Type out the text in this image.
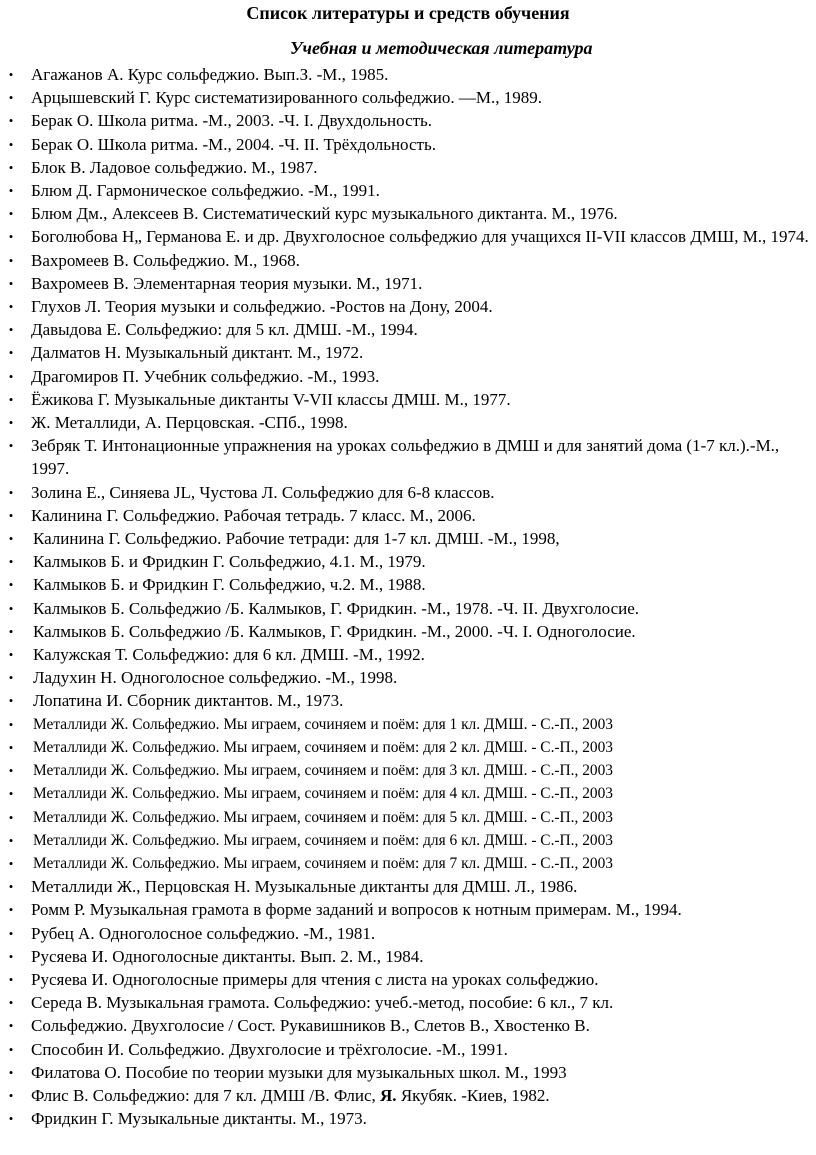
Список литературы и средств обучения
Учебная и методическая литература
• Агажанов А. Курс сольфеджио. Вып.З. -М., 1985.
• Арцышевский Г. Курс систематизированного сольфеджио. —М., 1989.
• Берак О. Школа ритма. -М., 2003. -Ч. I. Двухдольность.
• Берак О. Школа ритма. -М., 2004. -Ч. II. Трёхдольность.
• Блок В. Ладовое сольфеджио. М., 1987.
• Блюм Д. Гармоническое сольфеджио. -М., 1991.
• Блюм Дм., Алексеев В. Систематический курс музыкального диктанта. М., 1976.
• Боголюбова Н„ Германова Е. и др. Двухголосное сольфеджио для учащихся II-VII классов ДМШ, М., 1974.
• Вахромеев В. Сольфеджио. М., 1968.
• Вахромеев В. Элементарная теория музыки. М., 1971.
• Глухов Л. Теория музыки и сольфеджио. -Ростов на Дону, 2004.
• Давыдова Е. Сольфеджио: для 5 кл. ДМШ. -М., 1994.
• Далматов Н. Музыкальный диктант. М., 1972.
• Драгомиров П. Учебник сольфеджио. -М., 1993.
• Ёжикова Г. Музыкальные диктанты V-VII классы ДМШ. М., 1977.
• Ж. Металлиди, А. Перцовская. -СПб., 1998.
• Зебряк Т. Интонационные упражнения на уроках сольфеджио в ДМШ и для занятий дома (1-7 кл.).-М., 1997.
• Золина Е., Синяева JL, Чустова Л. Сольфеджио для 6-8 классов.
• Калинина Г. Сольфеджио. Рабочая тетрадь. 7 класс. М., 2006.
• Калинина Г. Сольфеджио. Рабочие тетради: для 1-7 кл. ДМШ. -М., 1998,
• Калмыков Б. и Фридкин Г. Сольфеджио, 4.1. М., 1979.
• Калмыков Б. и Фридкин Г. Сольфеджио, ч.2. М., 1988.
• Калмыков Б. Сольфеджио /Б. Калмыков, Г. Фридкин. -М., 1978. -Ч. II. Двухголосие.
• Калмыков Б. Сольфеджио /Б. Калмыков, Г. Фридкин. -М., 2000. -Ч. I. Одноголосие.
• Калужская Т. Сольфеджио: для 6 кл. ДМШ. -М., 1992.
• Ладухин Н. Одноголосное сольфеджио. -М., 1998.
• Лопатина И. Сборник диктантов. М., 1973.
• Металлиди Ж. Сольфеджио. Мы играем, сочиняем и поём: для 1 кл. ДМШ. - С.-П., 2003
• Металлиди Ж. Сольфеджио. Мы играем, сочиняем и поём: для 2 кл. ДМШ. - С.-П., 2003
• Металлиди Ж. Сольфеджио. Мы играем, сочиняем и поём: для 3 кл. ДМШ. - С.-П., 2003
• Металлиди Ж. Сольфеджио. Мы играем, сочиняем и поём: для 4 кл. ДМШ. - С.-П., 2003
• Металлиди Ж. Сольфеджио. Мы играем, сочиняем и поём: для 5 кл. ДМШ. - С.-П., 2003
• Металлиди Ж. Сольфеджио. Мы играем, сочиняем и поём: для 6 кл. ДМШ. - С.-П., 2003
• Металлиди Ж. Сольфеджио. Мы играем, сочиняем и поём: для 7 кл. ДМШ. - С.-П., 2003
• Металлиди Ж., Перцовская Н. Музыкальные диктанты для ДМШ. Л., 1986.
• Ромм Р. Музыкальная грамота в форме заданий и вопросов к нотным примерам. М., 1994.
• Рубец А. Одноголосное сольфеджио. -М., 1981.
• Русяева И. Одноголосные диктанты. Вып. 2. М., 1984.
• Русяева И. Одноголосные примеры для чтения с листа на уроках сольфеджио.
• Середа В. Музыкальная грамота. Сольфеджио: учеб.-метод, пособие: 6 кл., 7 кл.
• Сольфеджио. Двухголосие / Сост. Рукавишников В., Слетов В., Хвостенко В.
• Способин И. Сольфеджио. Двухголосие и трёхголосие. -М., 1991.
• Филатова О. Пособие по теории музыки для музыкальных школ. М., 1993
• Флис В. Сольфеджио: для 7 кл. ДМШ /В. Флис, Я. Якубяк. -Киев, 1982.
• Фридкин Г. Музыкальные диктанты. М., 1973.
